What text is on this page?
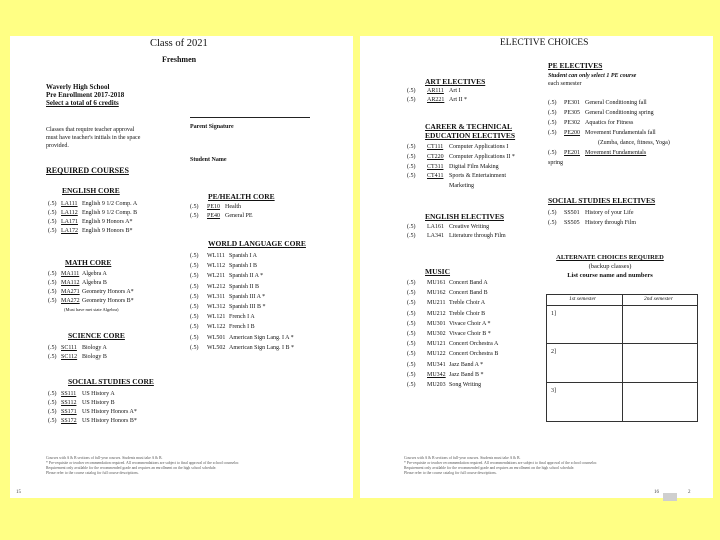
Class of 2021
Freshmen
Waverly High School
Pre Enrollment 2017-2018
Select a total of 6 credits
Classes that require teacher approval
must have teacher's initials in the space
provided.
Parent Signature
Student Name
REQUIRED COURSES
ENGLISH CORE
(.5) LA111 English 9 1/2 Comp. A
(.5) LA112 English 9 1/2 Comp. B
(.5) LA171 English 9 Honors A*
(.5) LA172 English 9 Honors B*
MATH CORE
(.5) MA111 Algebra A
(.5) MA112 Algebra B
(.5) MA271 Geometry Honors A*
(.5) MA272 Geometry Honors B*
(Must have met state Algebra)
SCIENCE CORE
(.5) SC111 Biology A
(.5) SC112 Biology B
SOCIAL STUDIES CORE
(.5) SS111 US History A
(.5) SS112 US History B
(.5) SS171 US History Honors A*
(.5) SS172 US History Honors B*
PE/HEALTH CORE
(.5) PE10 Health
(.5) PE40 General PE
WORLD LANGUAGE CORE
(.5) WL111 Spanish I A
(.5) WL112 Spanish I B
(.5) WL211 Spanish II A *
(.5) WL212 Spanish II B
(.5) WL311 Spanish III A *
(.5) WL312 Spanish III B *
(.5) WL121 French I A
(.5) WL122 French I B
(.5) WL501 American Sign Lang. I A *
(.5) WL502 American Sign Lang. I B *
Courses with A & B sections of full-year courses. Students must take A & B.
* Pre-requisite or teacher recommendation required. All recommendations are subject to final approval of the school counselor.
Requirement only available for the recommended grade and requires an enrollment on the high school schedule.
Please refer to the course catalog for full course descriptions.
15
ELECTIVE CHOICES
ART ELECTIVES
(.5) AR111 Art I
(.5) AR221 Art II *
CAREER & TECHNICAL
EDUCATION ELECTIVES
(.5) CT111 Computer Applications I
(.5) CT220 Computer Applications II *
(.5) CT311 Digital Film Making
(.5) CT411 Sports & Entertainment
Marketing
ENGLISH ELECTIVES
(.5) LA161 Creative Writing
(.5) LA341 Literature through Film
MUSIC
(.5) MU161 Concert Band A
(.5) MU162 Concert Band B
(.5) MU211 Treble Choir A
(.5) MU212 Treble Choir B
(.5) MU301 Vivace Choir A *
(.5) MU302 Vivace Choir B *
(.5) MU121 Concert Orchestra A
(.5) MU122 Concert Orchestra B
(.5) MU341 Jazz Band A *
(.5) MU342 Jazz Band B *
(.5) MU203 Song Writing
PE ELECTIVES
Student can only select 1 PE course
each semester
(.5) PE301 General Conditioning fall
(.5) PE305 General Conditioning spring
(.5) PE302 Aquatics for Fitness
(.5) PE200 Movement Fundamentals fall
(Zumba, dance, fitness, Yoga)
(.5) PE201 Movement Fundamentals
spring
SOCIAL STUDIES ELECTIVES
(.5) SS501 History of your Life
(.5) SS505 History through Film
ALTERNATE CHOICES REQUIRED
(backup classes)
List course name and numbers
1st semester	2nd semester
1]
2]
3]
Courses with A & B sections of full-year courses. Students must take A & B.
* Pre-requisite or teacher recommendation required. All recommendations are subject to final approval of the school counselor.
Requirement only available for the recommended grade and requires an enrollment on the high school schedule.
Please refer to the course catalog for full course descriptions.
16	2
